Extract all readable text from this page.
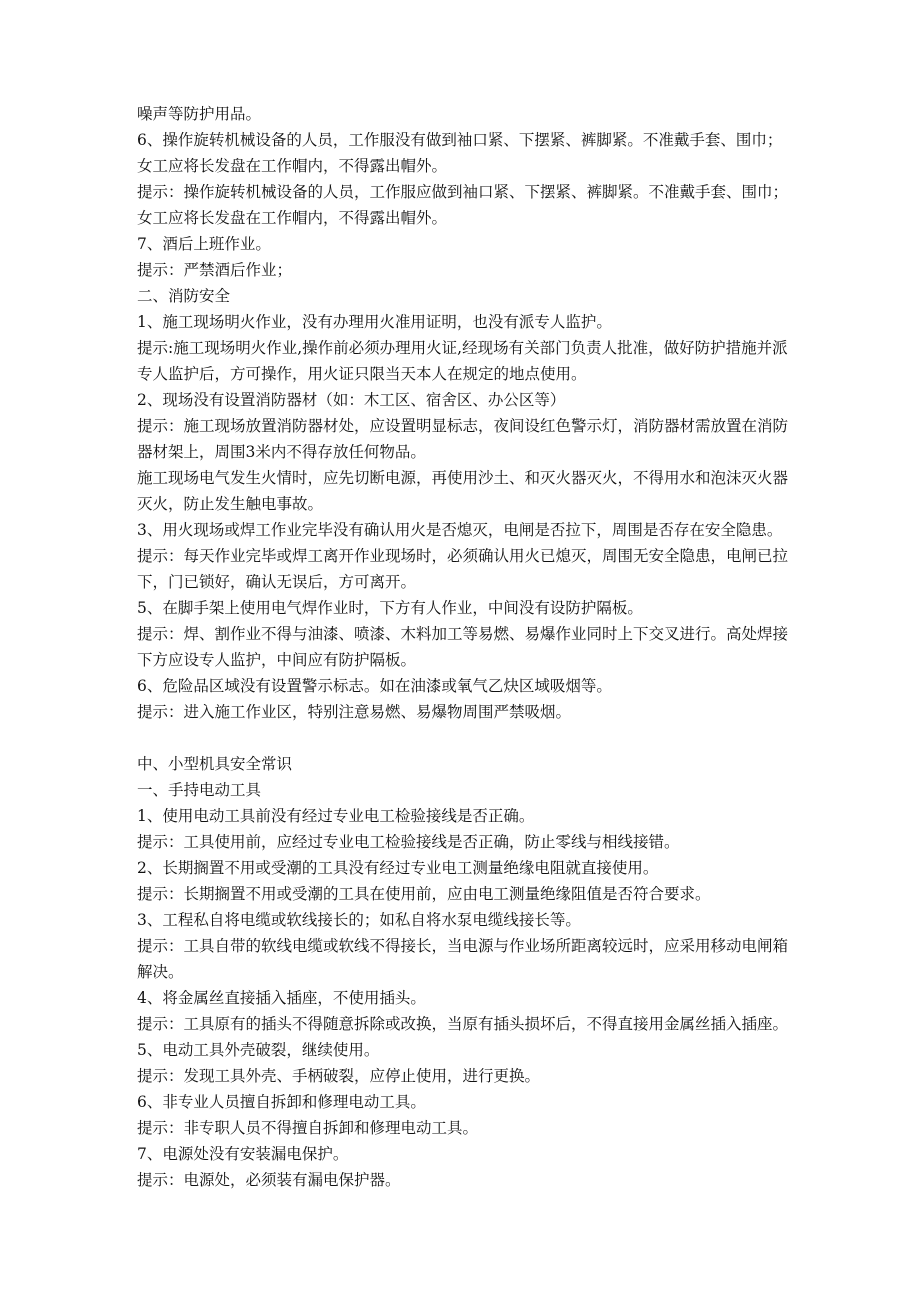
噪声等防护用品。

6、操作旋转机械设备的人员，工作服没有做到袖口紧、下摆紧、裤脚紧。不准戴手套、围巾；女工应将长发盘在工作帽内，不得露出帽外。

提示：操作旋转机械设备的人员，工作服应做到袖口紧、下摆紧、裤脚紧。不准戴手套、围巾；女工应将长发盘在工作帽内，不得露出帽外。

7、酒后上班作业。

提示：严禁酒后作业；

二、消防安全

1、施工现场明火作业，没有办理用火准用证明，也没有派专人监护。

提示:施工现场明火作业,操作前必须办理用火证,经现场有关部门负责人批准，做好防护措施并派专人监护后，方可操作，用火证只限当天本人在规定的地点使用。

2、现场没有设置消防器材（如：木工区、宿舍区、办公区等）

提示：施工现场放置消防器材处，应设置明显标志，夜间设红色警示灯，消防器材需放置在消防器材架上，周围3米内不得存放任何物品。

施工现场电气发生火情时，应先切断电源，再使用沙土、和灭火器灭火，不得用水和泡沫灭火器灭火，防止发生触电事故。

3、用火现场或焊工作业完毕没有确认用火是否熄灭，电闸是否拉下，周围是否存在安全隐患。

提示：每天作业完毕或焊工离开作业现场时，必须确认用火已熄灭，周围无安全隐患，电闸已拉下，门已锁好，确认无误后，方可离开。

5、在脚手架上使用电气焊作业时，下方有人作业，中间没有设防护隔板。

提示：焊、割作业不得与油漆、喷漆、木料加工等易燃、易爆作业同时上下交叉进行。高处焊接下方应设专人监护，中间应有防护隔板。

6、危险品区域没有设置警示标志。如在油漆或氧气乙炔区域吸烟等。

提示：进入施工作业区，特别注意易燃、易爆物周围严禁吸烟。

中、小型机具安全常识

一、手持电动工具

1、使用电动工具前没有经过专业电工检验接线是否正确。

提示：工具使用前，应经过专业电工检验接线是否正确，防止零线与相线接错。

2、长期搁置不用或受潮的工具没有经过专业电工测量绝缘电阻就直接使用。

提示：长期搁置不用或受潮的工具在使用前，应由电工测量绝缘阻值是否符合要求。

3、工程私自将电缆或软线接长的；如私自将水泵电缆线接长等。

提示：工具自带的软线电缆或软线不得接长，当电源与作业场所距离较远时，应采用移动电闸箱解决。

4、将金属丝直接插入插座，不使用插头。

提示：工具原有的插头不得随意拆除或改换，当原有插头损坏后，不得直接用金属丝插入插座。

5、电动工具外壳破裂，继续使用。

提示：发现工具外壳、手柄破裂，应停止使用，进行更换。

6、非专业人员擅自拆卸和修理电动工具。

提示：非专职人员不得擅自拆卸和修理电动工具。

7、电源处没有安装漏电保护。

提示：电源处，必须装有漏电保护器。
